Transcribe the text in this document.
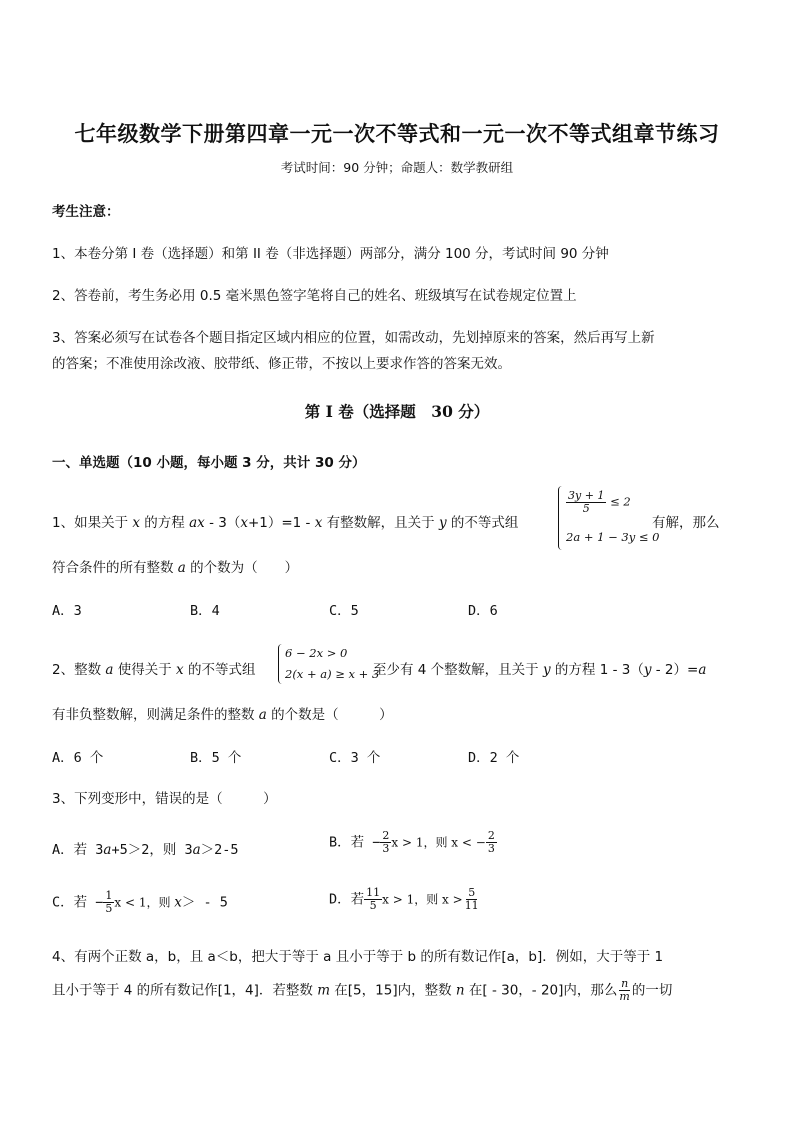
七年级数学下册第四章一元一次不等式和一元一次不等式组章节练习
考试时间：90 分钟；命题人：数学教研组
考生注意：
1、本卷分第 I 卷（选择题）和第 II 卷（非选择题）两部分，满分 100 分，考试时间 90 分钟
2、答卷前，考生务必用 0.5 毫米黑色签字笔将自己的姓名、班级填写在试卷规定位置上
3、答案必须写在试卷各个题目指定区域内相应的位置，如需改动，先划掉原来的答案，然后再写上新
的答案；不准使用涂改液、胶带纸、修正带，不按以上要求作答的答案无效。
第 I 卷（选择题　30 分）
一、单选题（10 小题，每小题 3 分，共计 30 分）
1、如果关于 x 的方程 ax - 3（x+1）=1 - x 有整数解，且关于 y 的不等式组
$\frac{3y + 1}{5} \le 2$
2a + 1 − 3y ≤ 0
有解，那么
符合条件的所有整数 a 的个数为（　　）
A．3	B．4	C．5	D．6
2、整数 a 使得关于 x 的不等式组
6 − 2x > 0
2(x + a) ≥ x + 3
至少有 4 个整数解，且关于 y 的方程 1 - 3（y - 2）=a
有非负整数解，则满足条件的整数 a 的个数是（　　　）
A．6 个	B．5 个	C．3 个	D．2 个
3、下列变形中，错误的是（　　　）
A．若 3a+5＞2，则 3a＞2-5	B．若 − $\frac{2}{3}$ x > 1，则 x < − $\frac{2}{3}$
C．若 − $\frac{1}{5}$ x < 1，则 x＞ - 5	D．若 $\frac{11}{5}$ x > 1，则 $x > \frac{5}{11}$
4、有两个正数 a，b，且 a＜b，把大于等于 a 且小于等于 b 的所有数记作[a，b]．例如，大于等于 1
且小于等于 4 的所有数记作[1，4]．若整数 m 在[5，15]内，整数 n 在[ - 30，- 20]内，那么 $\frac{n}{m}$ 的一切
